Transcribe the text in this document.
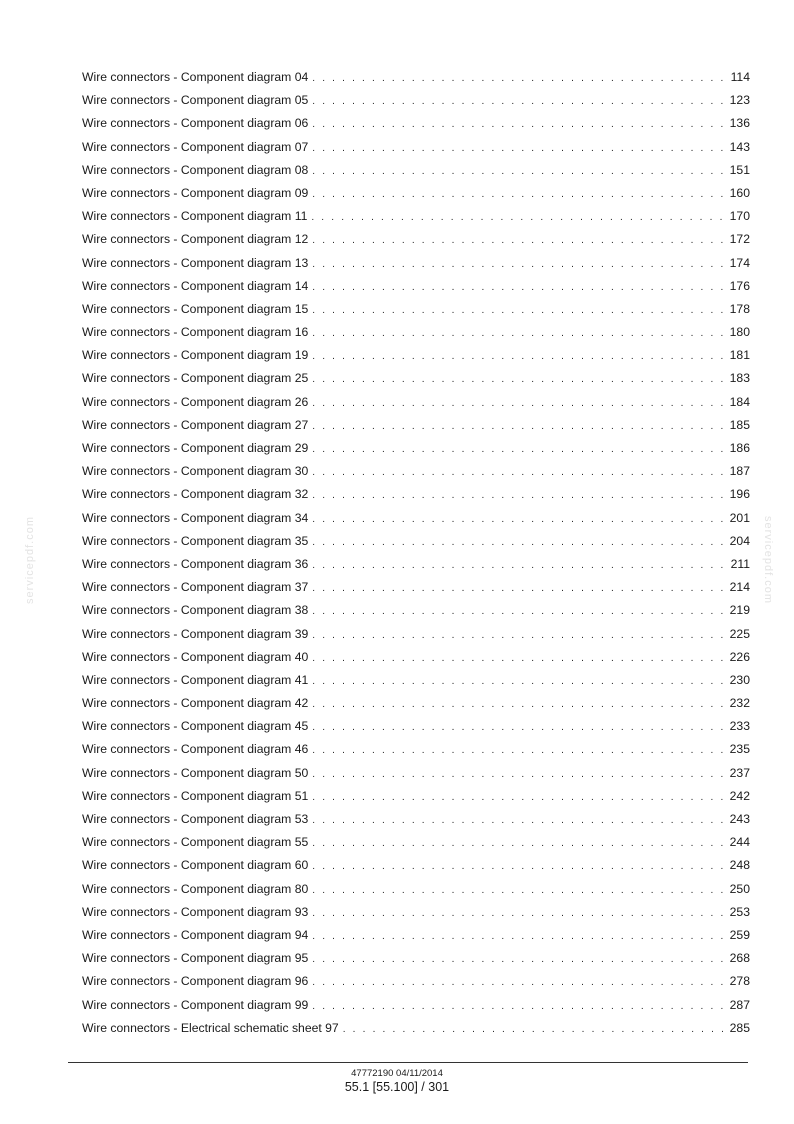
Wire connectors - Component diagram 04 . . .	114
Wire connectors - Component diagram 05 . . .	123
Wire connectors - Component diagram 06 . . .	136
Wire connectors - Component diagram 07 . . .	143
Wire connectors - Component diagram 08 . . .	151
Wire connectors - Component diagram 09 . . .	160
Wire connectors - Component diagram 11 . . .	170
Wire connectors - Component diagram 12 . . .	172
Wire connectors - Component diagram 13 . . .	174
Wire connectors - Component diagram 14 . . .	176
Wire connectors - Component diagram 15 . . .	178
Wire connectors - Component diagram 16 . . .	180
Wire connectors - Component diagram 19 . . .	181
Wire connectors - Component diagram 25 . . .	183
Wire connectors - Component diagram 26 . . .	184
Wire connectors - Component diagram 27 . . .	185
Wire connectors - Component diagram 29 . . .	186
Wire connectors - Component diagram 30 . . .	187
Wire connectors - Component diagram 32 . . .	196
Wire connectors - Component diagram 34 . . .	201
Wire connectors - Component diagram 35 . . .	204
Wire connectors - Component diagram 36 . . .	211
Wire connectors - Component diagram 37 . . .	214
Wire connectors - Component diagram 38 . . .	219
Wire connectors - Component diagram 39 . . .	225
Wire connectors - Component diagram 40 . . .	226
Wire connectors - Component diagram 41 . . .	230
Wire connectors - Component diagram 42 . . .	232
Wire connectors - Component diagram 45 . . .	233
Wire connectors - Component diagram 46 . . .	235
Wire connectors - Component diagram 50 . . .	237
Wire connectors - Component diagram 51 . . .	242
Wire connectors - Component diagram 53 . . .	243
Wire connectors - Component diagram 55 . . .	244
Wire connectors - Component diagram 60 . . .	248
Wire connectors - Component diagram 80 . . .	250
Wire connectors - Component diagram 93 . . .	253
Wire connectors - Component diagram 94 . . .	259
Wire connectors - Component diagram 95 . . .	268
Wire connectors - Component diagram 96 . . .	278
Wire connectors - Component diagram 99 . . .	287
Wire connectors - Electrical schematic sheet 97 . . .	285
servicepdf.com	servicepdf.com
47772190 04/11/2014
55.1 [55.100] / 301
